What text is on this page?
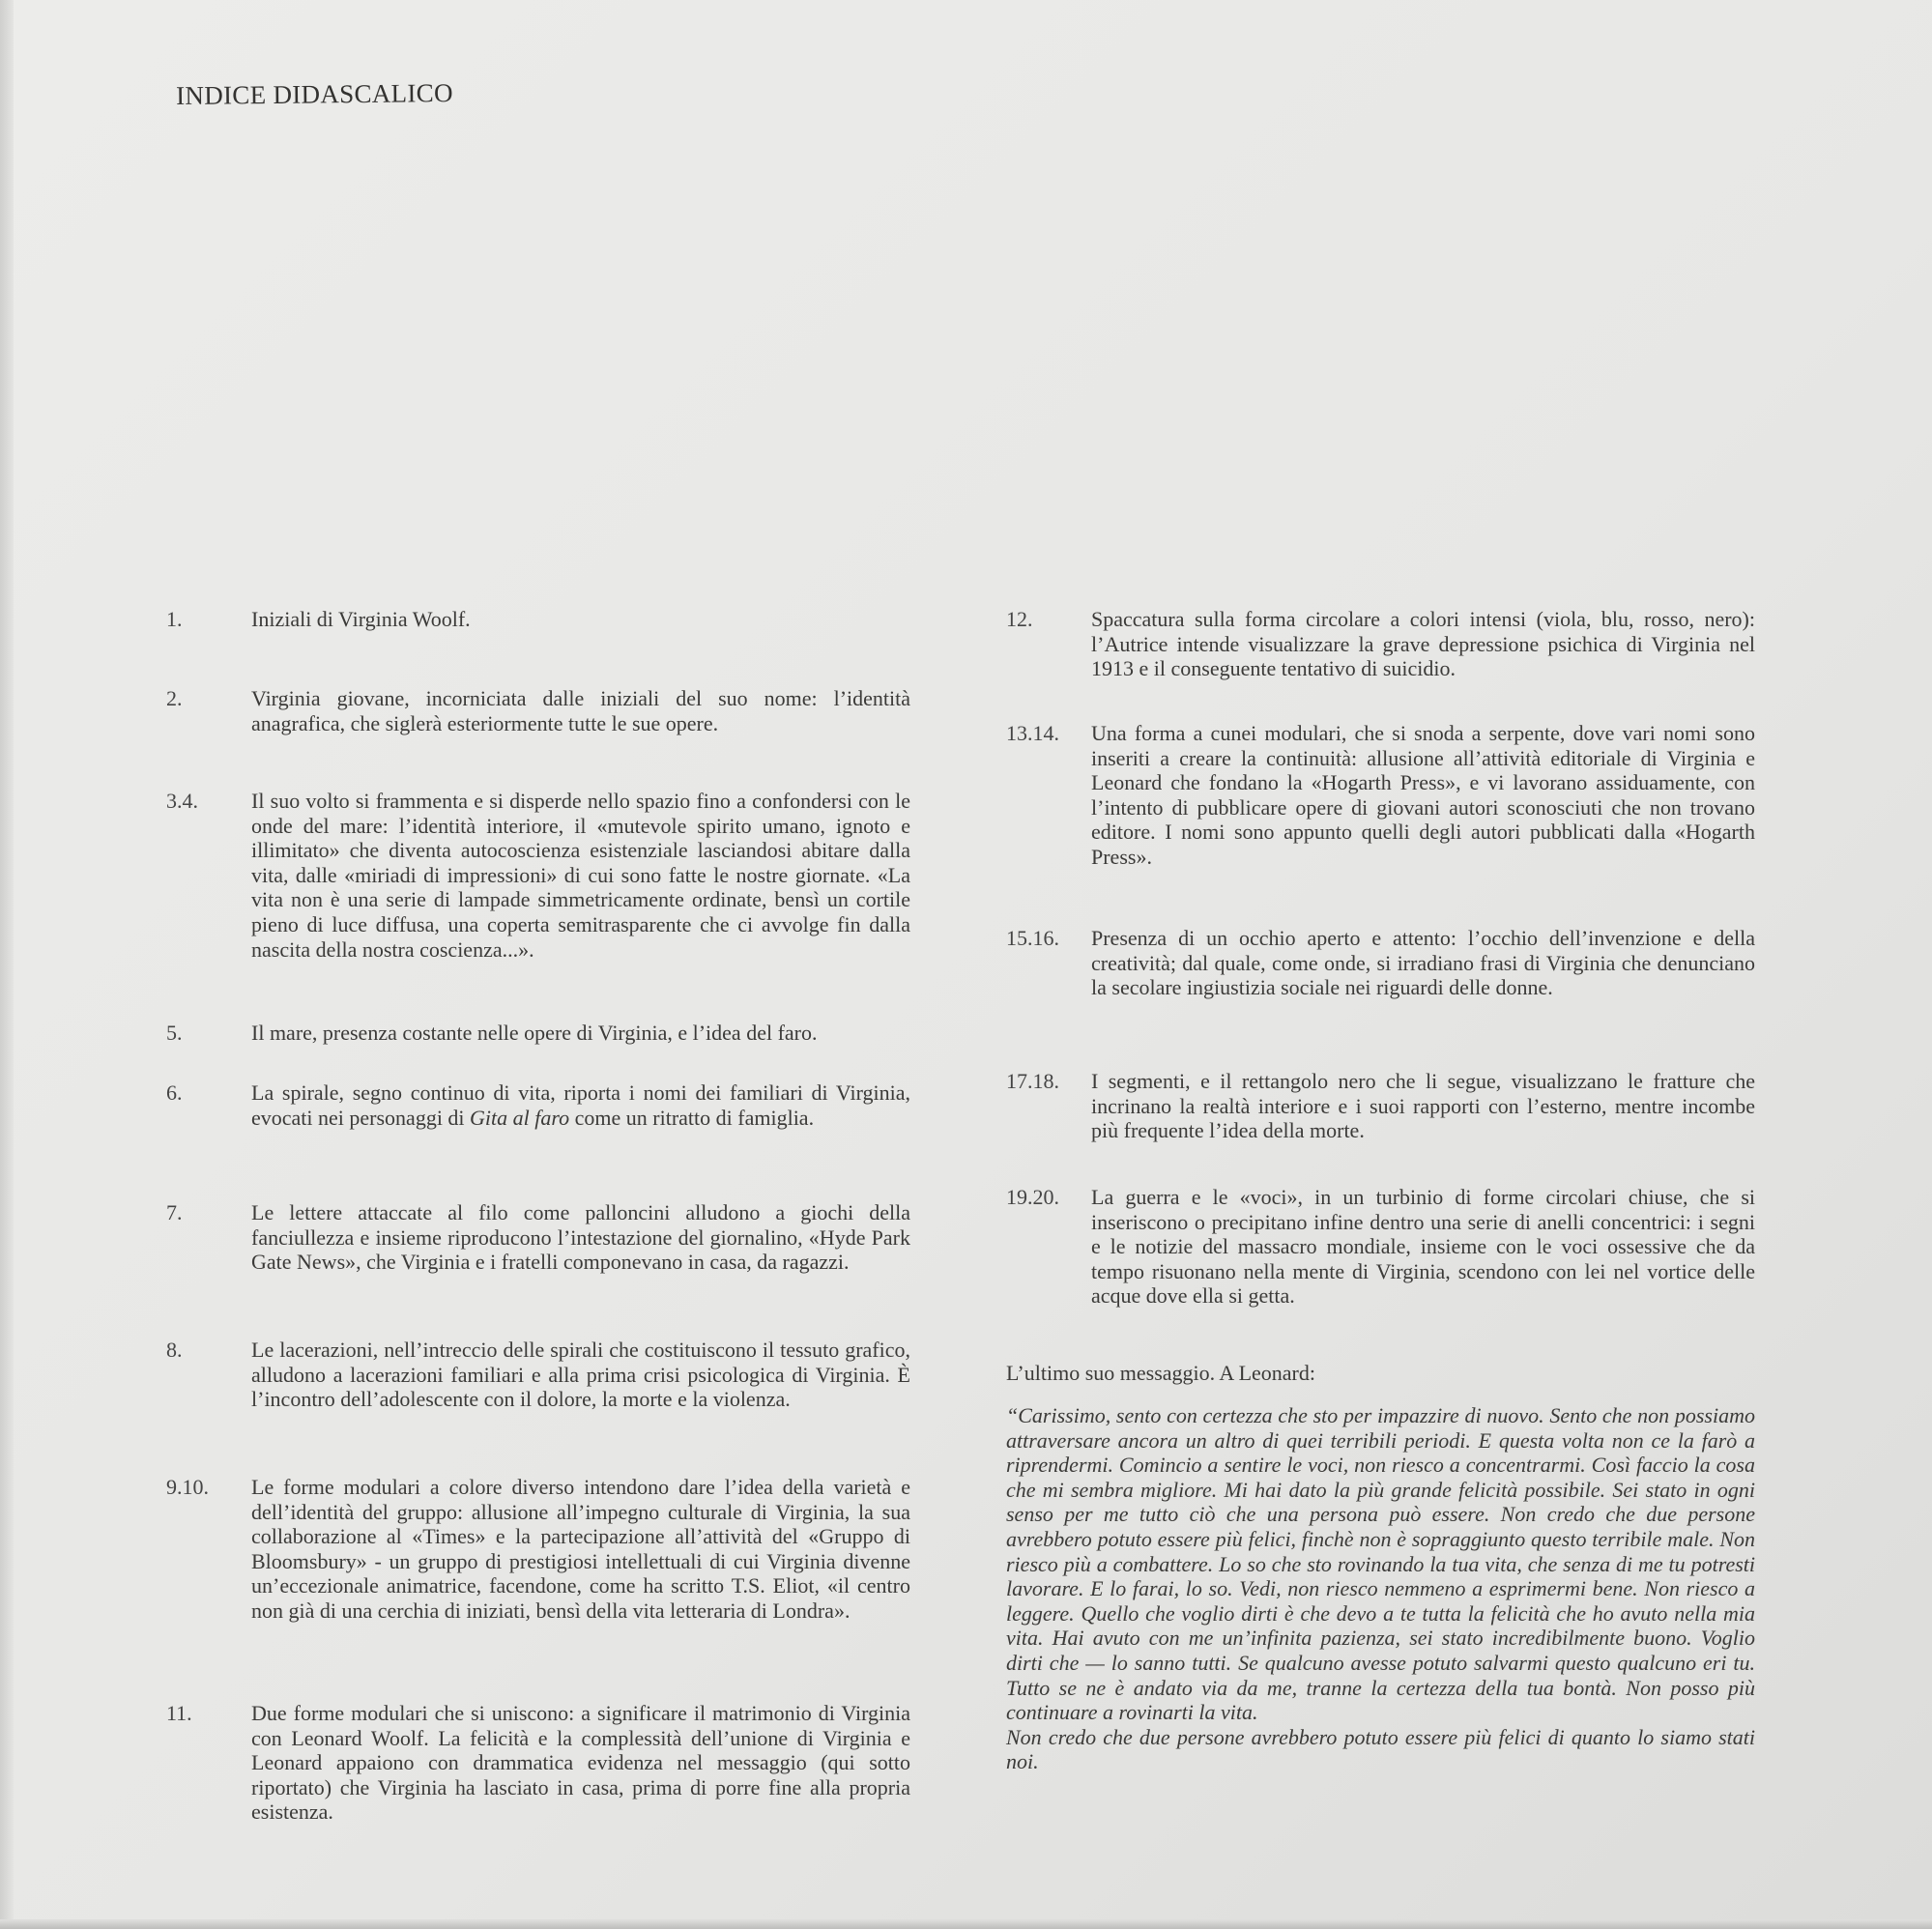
INDICE DIDASCALICO
1.	Iniziali di Virginia Woolf.
2.	Virginia giovane, incorniciata dalle iniziali del suo nome: l’identità anagrafica, che siglerà esteriormente tutte le sue opere.
3.4.	Il suo volto si frammenta e si disperde nello spazio fino a confondersi con le onde del mare: l’identità interiore, il «mutevole spirito umano, ignoto e illimitato» che diventa autocoscienza esistenziale lasciandosi abitare dalla vita, dalle «miriadi di impressioni» di cui sono fatte le nostre giornate. «La vita non è una serie di lampade simmetricamente ordinate, bensì un cortile pieno di luce diffusa, una coperta semitrasparente che ci avvolge fin dalla nascita della nostra coscienza...».
5.	Il mare, presenza costante nelle opere di Virginia, e l’idea del faro.
6.	La spirale, segno continuo di vita, riporta i nomi dei familiari di Virginia, evocati nei personaggi di Gita al faro come un ritratto di famiglia.
7.	Le lettere attaccate al filo come palloncini alludono a giochi della fanciullezza e insieme riproducono l’intestazione del giornalino, «Hyde Park Gate News», che Virginia e i fratelli componevano in casa, da ragazzi.
8.	Le lacerazioni, nell’intreccio delle spirali che costituiscono il tessuto grafico, alludono a lacerazioni familiari e alla prima crisi psicologica di Virginia. È l’incontro dell’adolescente con il dolore, la morte e la violenza.
9.10.	Le forme modulari a colore diverso intendono dare l’idea della varietà e dell’identità del gruppo: allusione all’impegno culturale di Virginia, la sua collaborazione al «Times» e la partecipazione all’attività del «Gruppo di Bloomsbury» - un gruppo di prestigiosi intellettuali di cui Virginia divenne un’eccezionale animatrice, facendone, come ha scritto T.S. Eliot, «il centro non già di una cerchia di iniziati, bensì della vita letteraria di Londra».
11.	Due forme modulari che si uniscono: a significare il matrimonio di Virginia con Leonard Woolf. La felicità e la complessità dell’unione di Virginia e Leonard appaiono con drammatica evidenza nel messaggio (qui sotto riportato) che Virginia ha lasciato in casa, prima di porre fine alla propria esistenza.
12.	Spaccatura sulla forma circolare a colori intensi (viola, blu, rosso, nero): l’Autrice intende visualizzare la grave depressione psichica di Virginia nel 1913 e il conseguente tentativo di suicidio.
13.14.	Una forma a cunei modulari, che si snoda a serpente, dove vari nomi sono inseriti a creare la continuità: allusione all’attività editoriale di Virginia e Leonard che fondano la «Hogarth Press», e vi lavorano assiduamente, con l’intento di pubblicare opere di giovani autori sconosciuti che non trovano editore. I nomi sono appunto quelli degli autori pubblicati dalla «Hogarth Press».
15.16.	Presenza di un occhio aperto e attento: l’occhio dell’invenzione e della creatività; dal quale, come onde, si irradiano frasi di Virginia che denunciano la secolare ingiustizia sociale nei riguardi delle donne.
17.18.	I segmenti, e il rettangolo nero che li segue, visualizzano le fratture che incrinano la realtà interiore e i suoi rapporti con l’esterno, mentre incombe più frequente l’idea della morte.
19.20.	La guerra e le «voci», in un turbinio di forme circolari chiuse, che si inseriscono o precipitano infine dentro una serie di anelli concentrici: i segni e le notizie del massacro mondiale, insieme con le voci ossessive che da tempo risuonano nella mente di Virginia, scendono con lei nel vortice delle acque dove ella si getta.
L’ultimo suo messaggio. A Leonard:
“Carissimo, sento con certezza che sto per impazzire di nuovo. Sento che non possiamo attraversare ancora un altro di quei terribili periodi. E questa volta non ce la farò a riprendermi. Comincio a sentire le voci, non riesco a concentrarmi. Così faccio la cosa che mi sembra migliore. Mi hai dato la più grande felicità possibile. Sei stato in ogni senso per me tutto ciò che una persona può essere. Non credo che due persone avrebbero potuto essere più felici, finchè non è sopraggiunto questo terribile male. Non riesco più a combattere. Lo so che sto rovinando la tua vita, che senza di me tu potresti lavorare. E lo farai, lo so. Vedi, non riesco nemmeno a esprimermi bene. Non riesco a leggere. Quello che voglio dirti è che devo a te tutta la felicità che ho avuto nella mia vita. Hai avuto con me un’infinita pazienza, sei stato incredibilmente buono. Voglio dirti che — lo sanno tutti. Se qualcuno avesse potuto salvarmi questo qualcuno eri tu. Tutto se ne è andato via da me, tranne la certezza della tua bontà. Non posso più continuare a rovinarti la vita.
Non credo che due persone avrebbero potuto essere più felici di quanto lo siamo stati noi.
